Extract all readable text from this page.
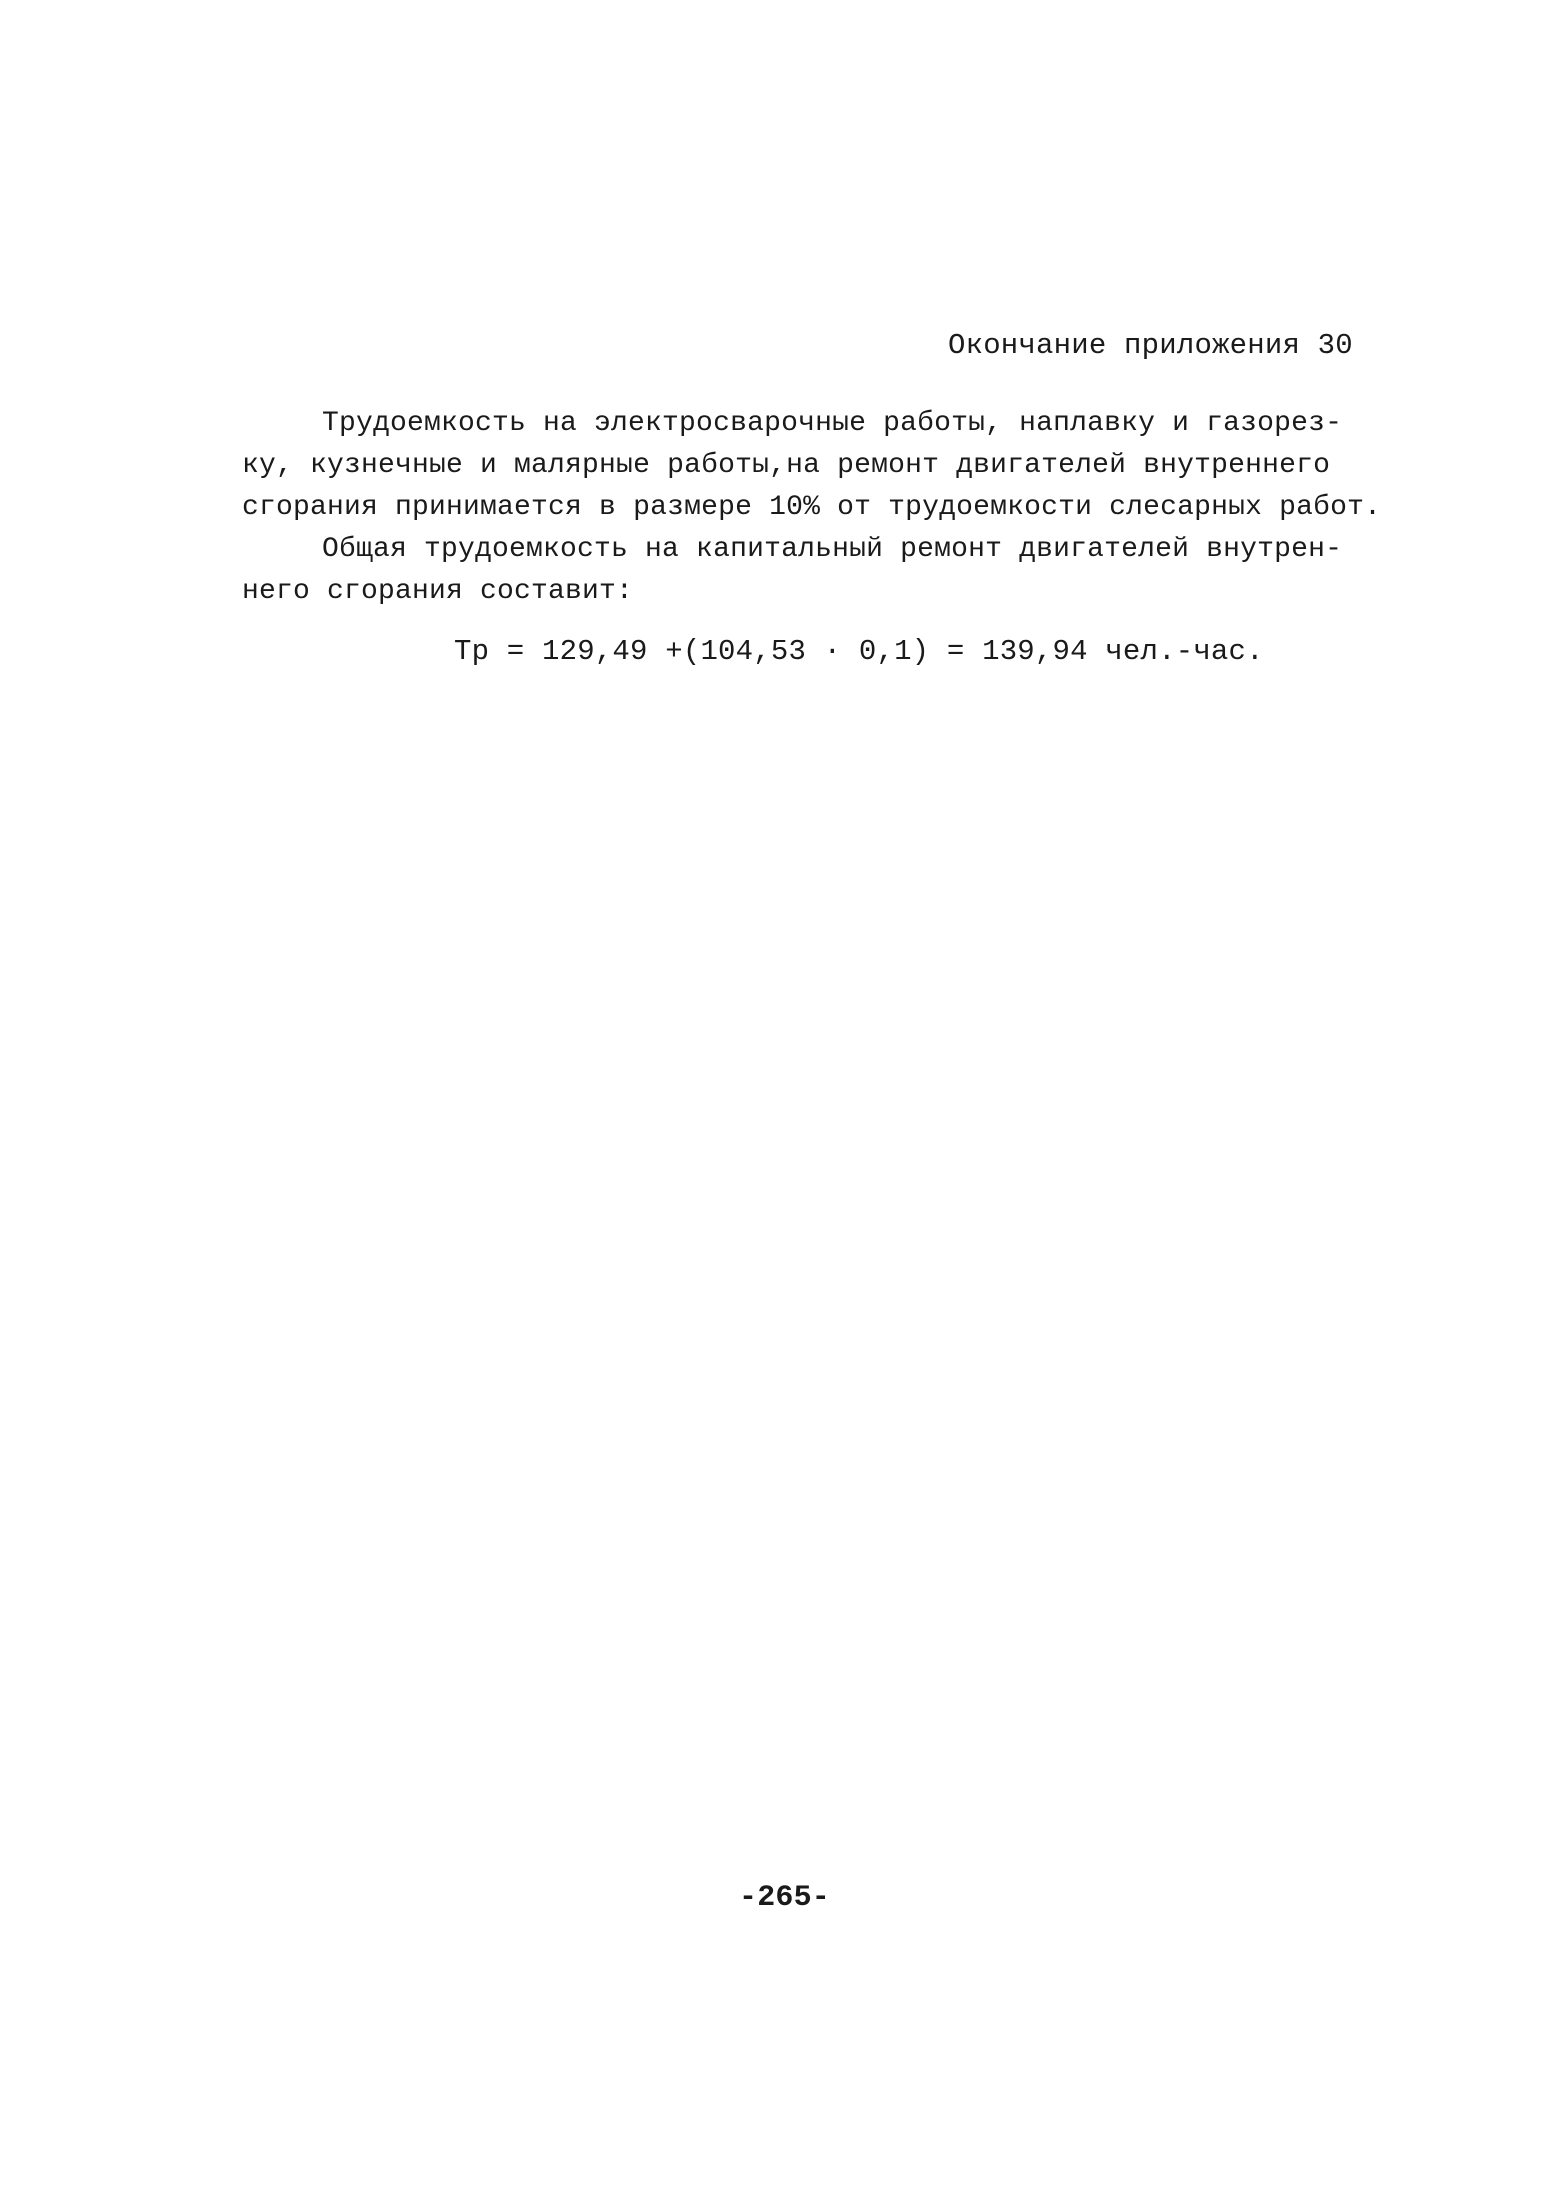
Окончание приложения 30
Трудоемкость на электросварочные работы, наплавку и газорез-
ку, кузнечные и малярные работы,на ремонт двигателей внутреннего
сгорания принимается в размере 10% от трудоемкости слесарных работ.
Общая трудоемкость на капитальный ремонт двигателей внутрен-
него сгорания составит:
Тр = 129,49 +(104,53 · 0,1) = 139,94 чел.-час.
-265-
